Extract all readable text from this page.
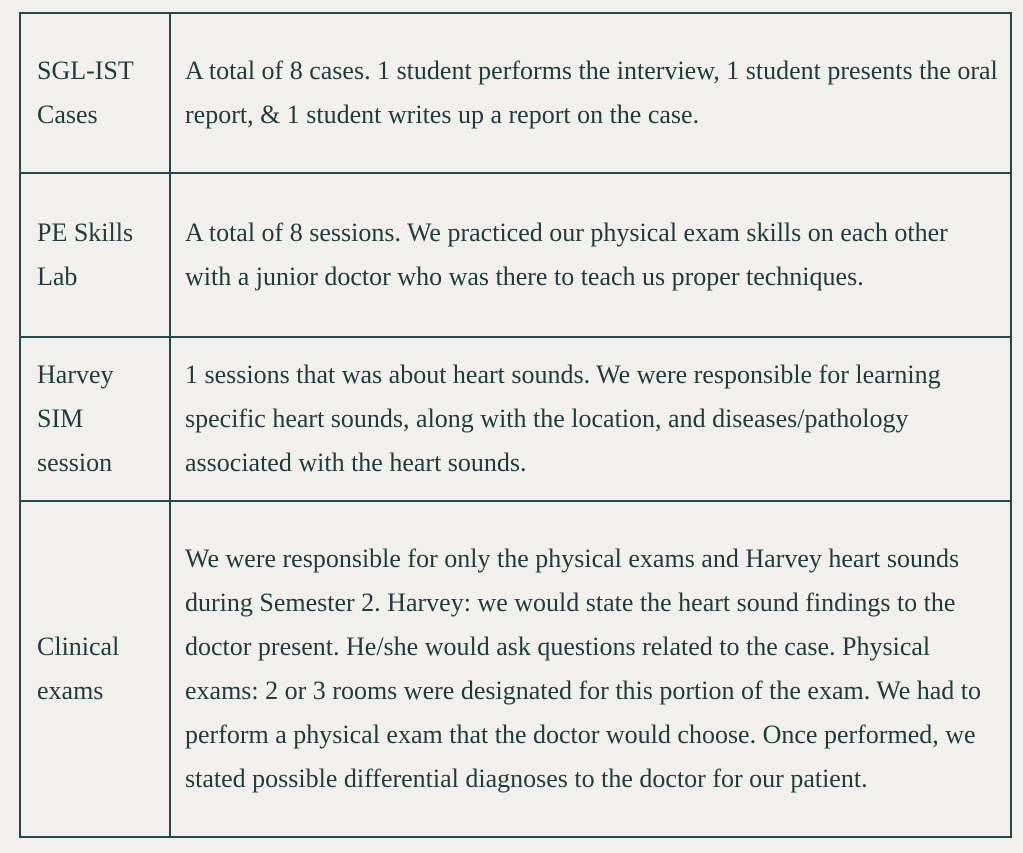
SGL-IST Cases	A total of 8 cases. 1 student performs the interview, 1 student presents the oral report, & 1 student writes up a report on the case.
PE Skills Lab	A total of 8 sessions. We practiced our physical exam skills on each other with a junior doctor who was there to teach us proper techniques.
Harvey SIM session	1 sessions that was about heart sounds. We were responsible for learning specific heart sounds, along with the location, and diseases/pathology associated with the heart sounds.
Clinical exams	We were responsible for only the physical exams and Harvey heart sounds during Semester 2. Harvey: we would state the heart sound findings to the doctor present. He/she would ask questions related to the case. Physical exams: 2 or 3 rooms were designated for this portion of the exam. We had to perform a physical exam that the doctor would choose. Once performed, we stated possible differential diagnoses to the doctor for our patient.
